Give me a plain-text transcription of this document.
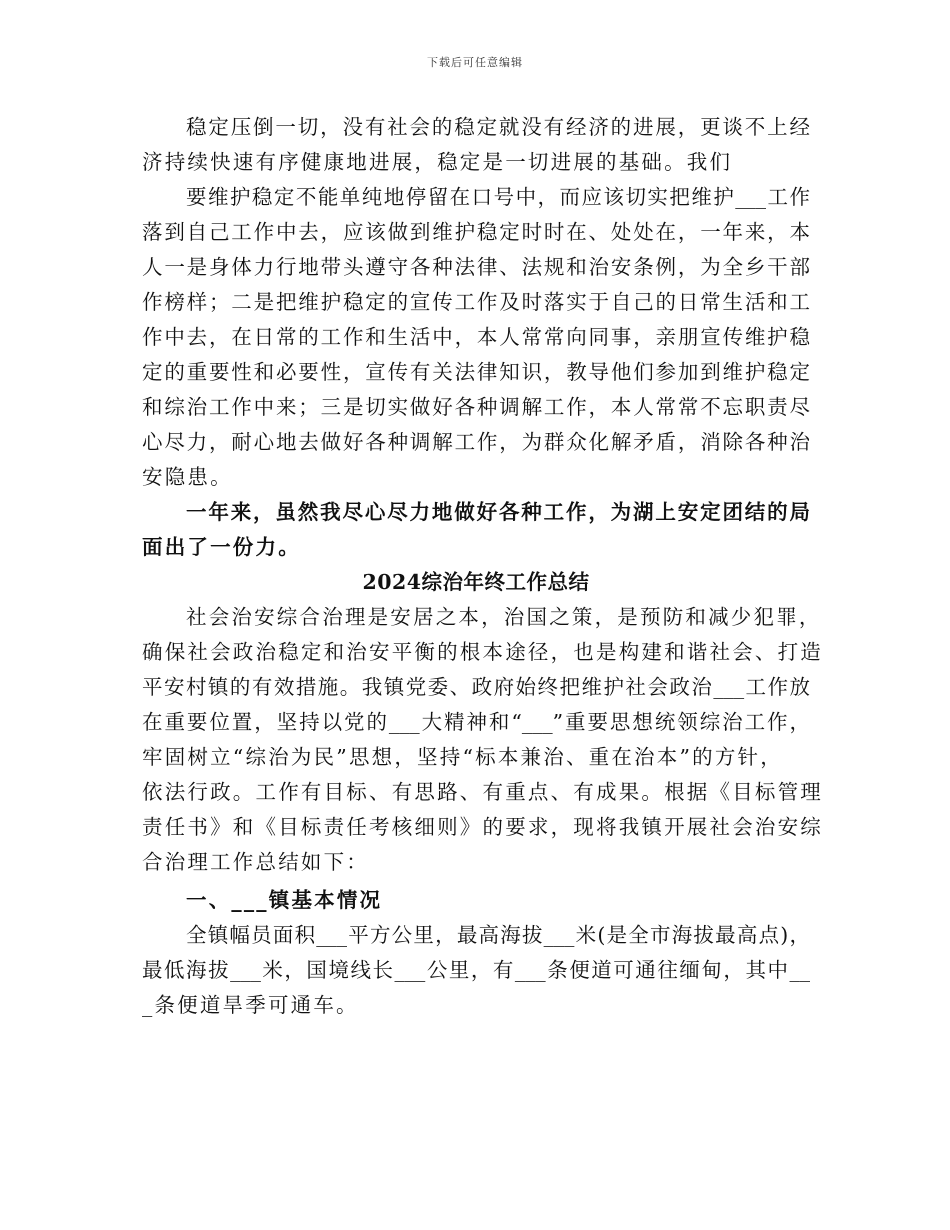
下载后可任意编辑
稳定压倒一切，没有社会的稳定就没有经济的进展，更谈不上经
济持续快速有序健康地进展，稳定是一切进展的基础。我们
要维护稳定不能单纯地停留在口号中，而应该切实把维护___工作
落到自己工作中去，应该做到维护稳定时时在、处处在，一年来，本
人一是身体力行地带头遵守各种法律、法规和治安条例，为全乡干部
作榜样；二是把维护稳定的宣传工作及时落实于自己的日常生活和工
作中去，在日常的工作和生活中，本人常常向同事，亲朋宣传维护稳
定的重要性和必要性，宣传有关法律知识，教导他们参加到维护稳定
和综治工作中来；三是切实做好各种调解工作，本人常常不忘职责尽
心尽力，耐心地去做好各种调解工作，为群众化解矛盾，消除各种治
安隐患。
一年来，虽然我尽心尽力地做好各种工作，为湖上安定团结的局
面出了一份力。
2024综治年终工作总结
社会治安综合治理是安居之本，治国之策，是预防和减少犯罪，
确保社会政治稳定和治安平衡的根本途径，也是构建和谐社会、打造
平安村镇的有效措施。我镇党委、政府始终把维护社会政治___工作放
在重要位置，坚持以党的___大精神和“___”重要思想统领综治工作，
牢固树立“综治为民”思想，坚持“标本兼治、重在治本”的方针，
依法行政。工作有目标、有思路、有重点、有成果。根据《目标管理
责任书》和《目标责任考核细则》的要求，现将我镇开展社会治安综
合治理工作总结如下：
一、___镇基本情况
全镇幅员面积___平方公里，最高海拔___米(是全市海拔最高点)，
最低海拔___米，国境线长___公里，有___条便道可通往缅甸，其中__
_条便道旱季可通车。
